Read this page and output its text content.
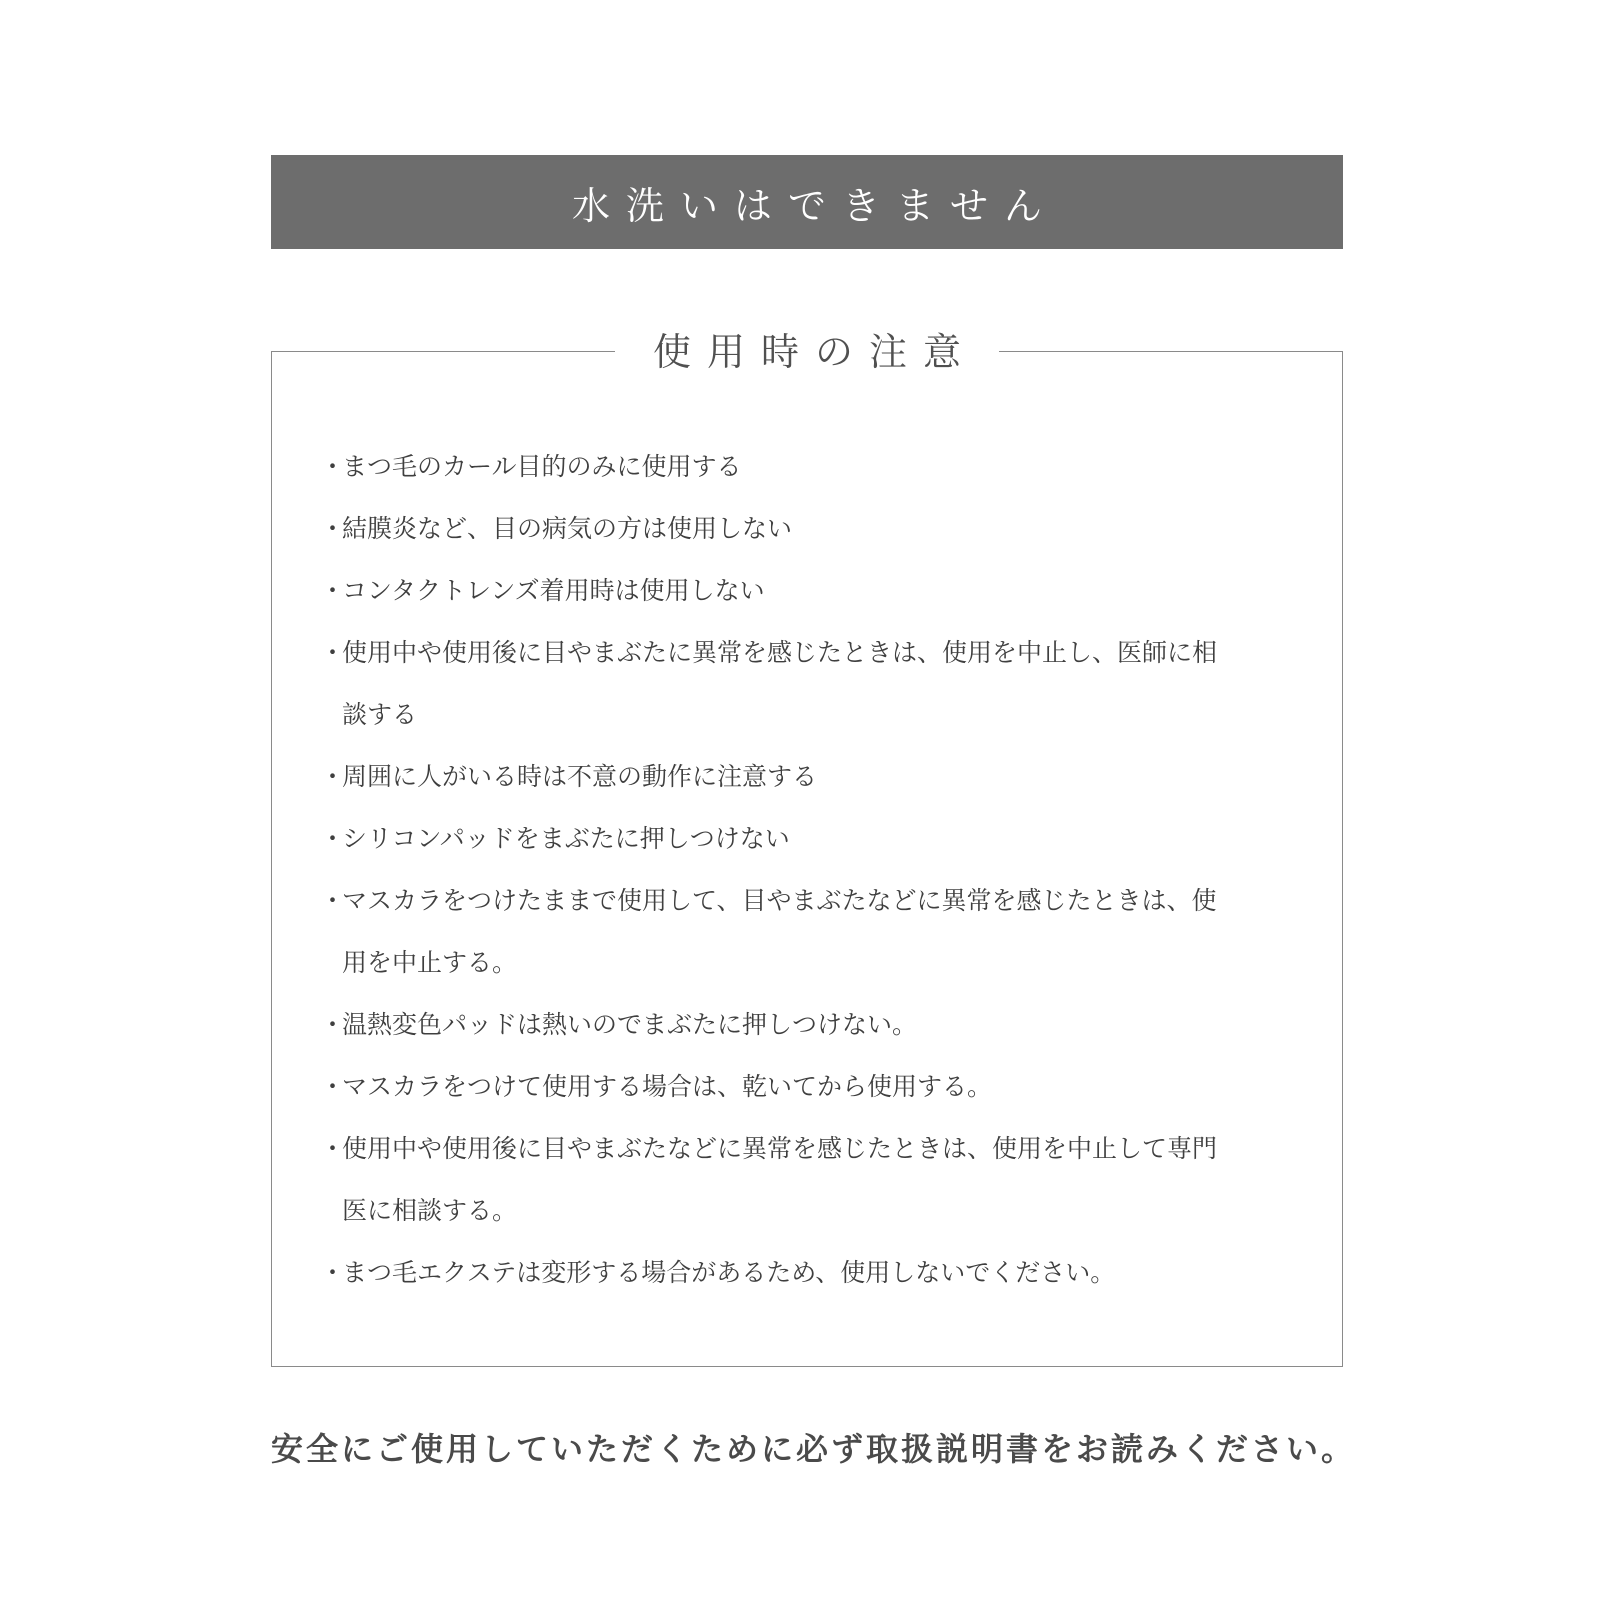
水洗いはできません
使用時の注意
・
まつ毛のカール目的のみに使用する
・
結膜炎など、目の病気の方は使用しない
・
コンタクトレンズ着用時は使用しない
・
使用中や使用後に目やまぶたに異常を感じたときは、使用を中止し、医師に相
談する
・
周囲に人がいる時は不意の動作に注意する
・
シリコンパッドをまぶたに押しつけない
・
マスカラをつけたままで使用して、目やまぶたなどに異常を感じたときは、使
用を中止する。
・
温熱変色パッドは熱いのでまぶたに押しつけない。
・
マスカラをつけて使用する場合は、乾いてから使用する。
・
使用中や使用後に目やまぶたなどに異常を感じたときは、使用を中止して専門
医に相談する。
・
まつ毛エクステは変形する場合があるため、使用しないでください。
安全にご使用していただくために必ず取扱説明書をお読みください。
